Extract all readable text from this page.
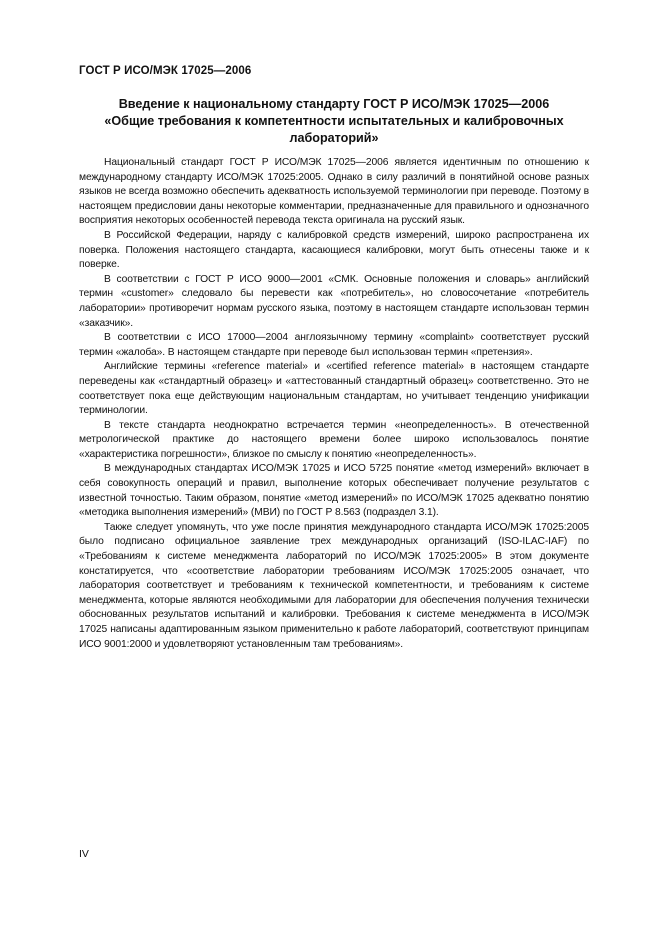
ГОСТ Р ИСО/МЭК 17025—2006
Введение к национальному стандарту ГОСТ Р ИСО/МЭК 17025—2006
«Общие требования к компетентности испытательных и калибровочных
лабораторий»

Национальный стандарт ГОСТ Р ИСО/МЭК 17025—2006 является идентичным по отношению к международному стандарту ИСО/МЭК 17025:2005. Однако в силу различий в понятийной основе разных языков не всегда возможно обеспечить адекватность используемой терминологии при переводе. Поэтому в настоящем предисловии даны некоторые комментарии, предназначенные для правильного и однозначного восприятия некоторых особенностей перевода текста оригинала на русский язык.

В Российской Федерации, наряду с калибровкой средств измерений, широко распространена их поверка. Положения настоящего стандарта, касающиеся калибровки, могут быть отнесены также и к поверке.

В соответствии с ГОСТ Р ИСО 9000—2001 «СМК. Основные положения и словарь» английский термин «customer» следовало бы перевести как «потребитель», но словосочетание «потребитель лаборатории» противоречит нормам русского языка, поэтому в настоящем стандарте использован термин «заказчик».

В соответствии с ИСО 17000—2004 англоязычному термину «complaint» соответствует русский термин «жалоба». В настоящем стандарте при переводе был использован термин «претензия».

Английские термины «reference material» и «certified reference material» в настоящем стандарте переведены как «стандартный образец» и «аттестованный стандартный образец» соответственно. Это не соответствует пока еще действующим национальным стандартам, но учитывает тенденцию унификации терминологии.

В тексте стандарта неоднократно встречается термин «неопределенность». В отечественной метрологической практике до настоящего времени более широко использовалось понятие «характеристика погрешности», близкое по смыслу к понятию «неопределенность».

В международных стандартах ИСО/МЭК 17025 и ИСО 5725 понятие «метод измерений» включает в себя совокупность операций и правил, выполнение которых обеспечивает получение результатов с известной точностью. Таким образом, понятие «метод измерений» по ИСО/МЭК 17025 адекватно понятию «методика выполнения измерений» (МВИ) по ГОСТ Р 8.563 (подраздел 3.1).

Также следует упомянуть, что уже после принятия международного стандарта ИСО/МЭК 17025:2005 было подписано официальное заявление трех международных организаций (ISO-ILAC-IAF) по «Требованиям к системе менеджмента лабораторий по ИСО/МЭК 17025:2005» В этом документе констатируется, что «соответствие лаборатории требованиям ИСО/МЭК 17025:2005 означает, что лаборатория соответствует и требованиям к технической компетентности, и требованиям к системе менеджмента, которые являются необходимыми для лаборатории для обеспечения получения технически обоснованных результатов испытаний и калибровки. Требования к системе менеджмента в ИСО/МЭК 17025 написаны адаптированным языком применительно к работе лабораторий, соответствуют принципам ИСО 9001:2000 и удовлетворяют установленным там требованиям».

IV
